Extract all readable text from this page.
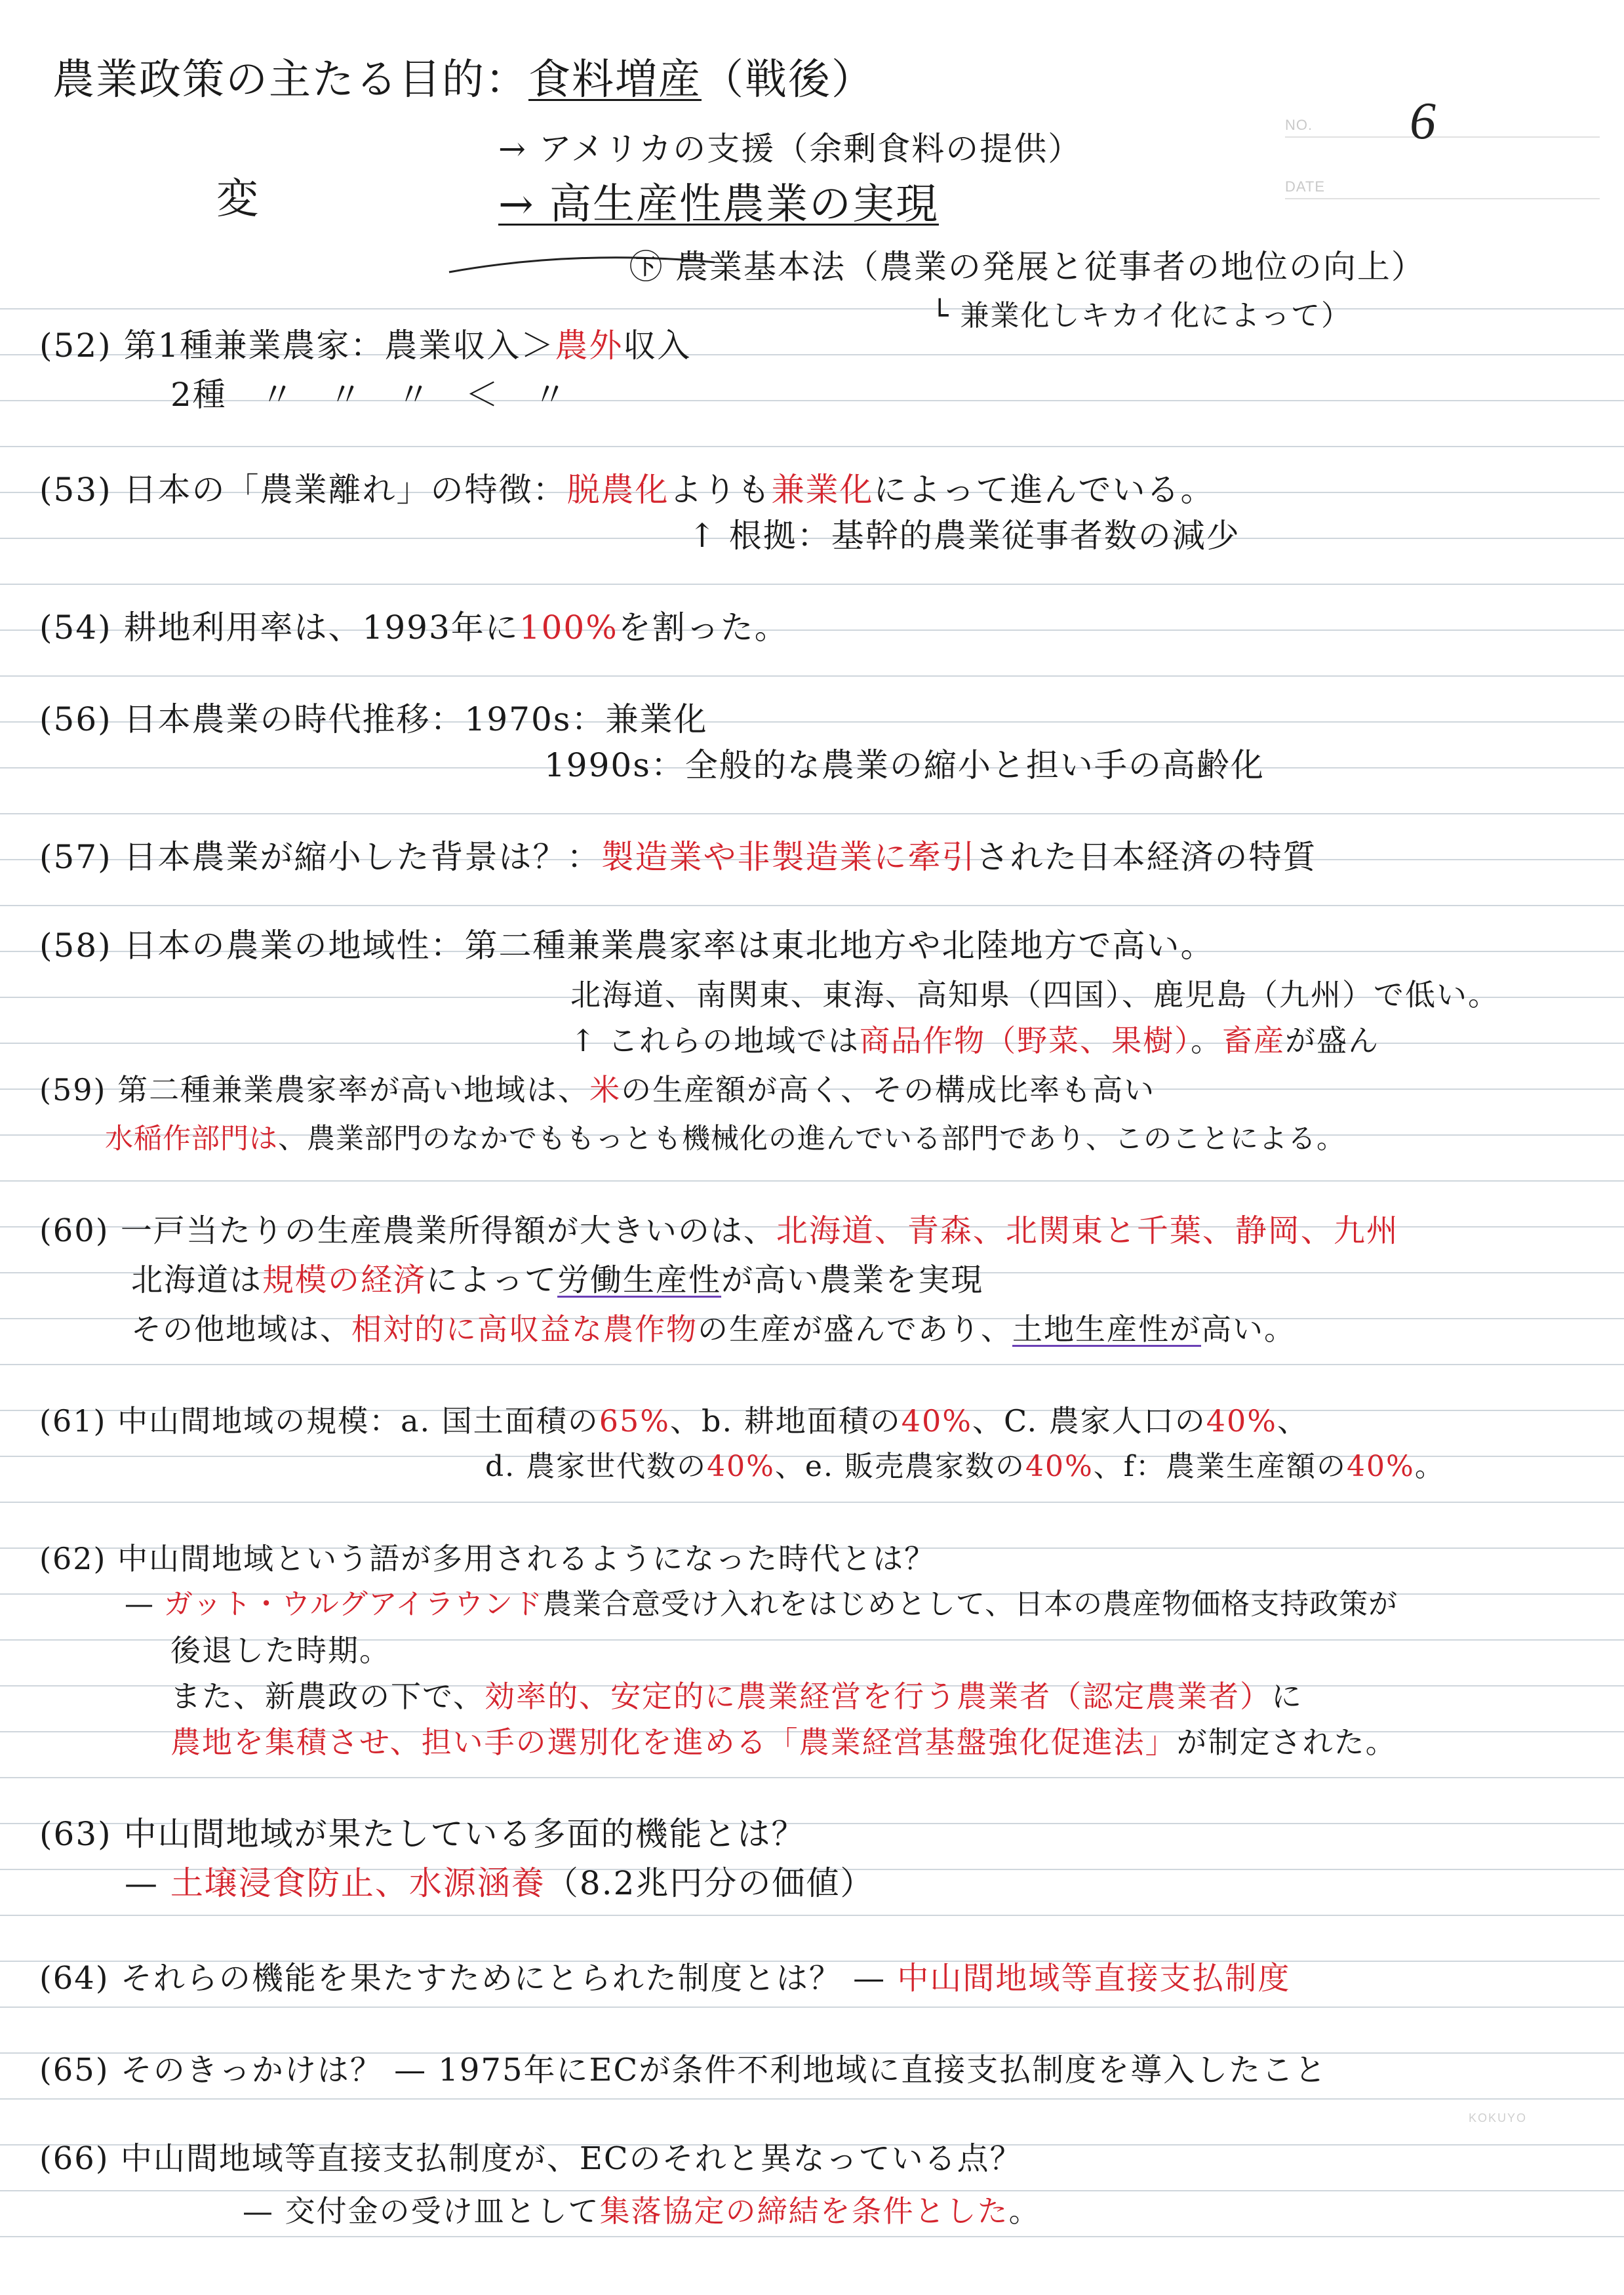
NO.
DATE
6
農業政策の主たる目的：食料増産（戦後）
→ アメリカの支援（余剰食料の提供）
変	→ 高生産性農業の実現
㊦ 農業基本法（農業の発展と従事者の地位の向上）
└ 兼業化しキカイ化によって）
(52) 第1種兼業農家：農業収入＞農外収入
2種　〃　〃　〃　＜　〃
(53) 日本の「農業離れ」の特徴：脱農化よりも兼業化によって進んでいる。
↑ 根拠：基幹的農業従事者数の減少
(54) 耕地利用率は、1993年に100%を割った。
(56) 日本農業の時代推移：1970s：兼業化
1990s：全般的な農業の縮小と担い手の高齢化
(57) 日本農業が縮小した背景は？：製造業や非製造業に牽引された日本経済の特質
(58) 日本の農業の地域性：第二種兼業農家率は東北地方や北陸地方で高い。
北海道、南関東、東海、高知県（四国）、鹿児島（九州）で低い。
↑ これらの地域では商品作物（野菜、果樹）。畜産が盛ん
(59) 第二種兼業農家率が高い地域は、米の生産額が高く、その構成比率も高い
水稲作部門は、農業部門のなかでももっとも機械化の進んでいる部門であり、このことによる。
(60) 一戸当たりの生産農業所得額が大きいのは、北海道、青森、北関東と千葉、静岡、九州
北海道は規模の経済によって労働生産性が高い農業を実現
その他地域は、相対的に高収益な農作物の生産が盛んであり、土地生産性が高い。
(61) 中山間地域の規模：a. 国土面積の65%、b. 耕地面積の40%、C. 農家人口の40%、
d. 農家世代数の40%、e. 販売農家数の40%、f：農業生産額の40%。
(62) 中山間地域という語が多用されるようになった時代とは？
— ガット・ウルグアイラウンド農業合意受け入れをはじめとして、日本の農産物価格支持政策が
後退した時期。
また、新農政の下で、効率的、安定的に農業経営を行う農業者（認定農業者）に
農地を集積させ、担い手の選別化を進める「農業経営基盤強化促進法」が制定された。
(63) 中山間地域が果たしている多面的機能とは？
— 土壌浸食防止、水源涵養（8.2兆円分の価値）
(64) それらの機能を果たすためにとられた制度とは？ — 中山間地域等直接支払制度
(65) そのきっかけは？ — 1975年にECが条件不利地域に直接支払制度を導入したこと
(66) 中山間地域等直接支払制度が、ECのそれと異なっている点？
— 交付金の受け皿として集落協定の締結を条件とした。
KOKUYO
